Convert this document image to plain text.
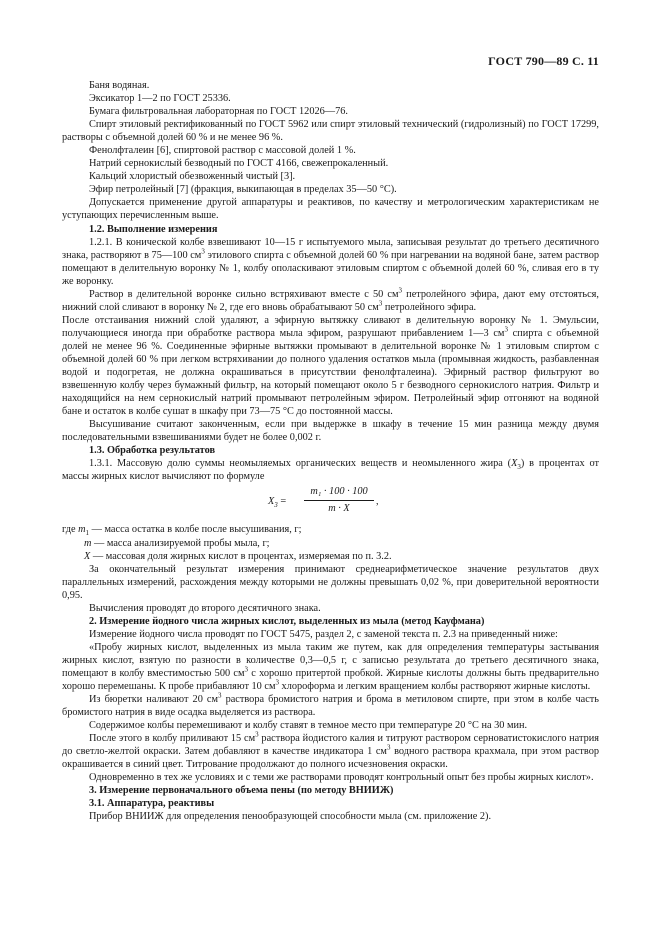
ГОСТ 790—89 С. 11

Баня водяная.

Эксикатор 1—2 по ГОСТ 25336.

Бумага фильтровальная лабораторная по ГОСТ 12026—76.

Спирт этиловый ректификованный по ГОСТ 5962 или спирт этиловый технический (гидролизный) по ГОСТ 17299, растворы с объемной долей 60 % и не менее 96 %.

Фенолфталеин [6], спиртовой раствор с массовой долей 1 %.

Натрий сернокислый безводный по ГОСТ 4166, свежепрокаленный.

Кальций хлористый обезвоженный чистый [3].

Эфир петролейный [7] (фракция, выкипающая в пределах 35—50 °С).

Допускается применение другой аппаратуры и реактивов, по качеству и метрологическим характеристикам не уступающих перечисленным выше.

1.2. Выполнение измерения

1.2.1. В конической колбе взвешивают 10—15 г испытуемого мыла, записывая результат до третьего десятичного знака, растворяют в 75—100 $см^3$ этилового спирта с объемной долей 60 % при нагревании на водяной бане, затем раствор помещают в делительную воронку № 1, колбу ополаскивают этиловым спиртом с объемной долей 60 %, сливая его в ту же воронку.

Раствор в делительной воронке сильно встряхивают вместе с 50 $см^3$ петролейного эфира, дают ему отстояться, нижний слой сливают в воронку № 2, где его вновь обрабатывают 50 $см^3$ петролейного эфира.

После отстаивания нижний слой удаляют, а эфирную вытяжку сливают в делительную воронку № 1. Эмульсии, получающиеся иногда при обработке раствора мыла эфиром, разрушают прибавлением 1—3 $см^3$ спирта с объемной долей не менее 96 %. Соединенные эфирные вытяжки промывают в делительной воронке № 1 этиловым спиртом с объемной долей 60 % при легком встряхивании до полного удаления остатков мыла (промывная жидкость, разбавленная водой и подогретая, не должна окрашиваться в присутствии фенолфталеина). Эфирный раствор фильтруют во взвешенную колбу через бумажный фильтр, на который помещают около 5 г безводного сернокислого натрия. Фильтр и находящийся на нем сернокислый натрий промывают петролейным эфиром. Петролейный эфир отгоняют на водяной бане и остаток в колбе сушат в шкафу при 73—75 °С до постоянной массы.

Высушивание считают законченным, если при выдержке в шкафу в течение 15 мин разница между двумя последовательными взвешиваниями будет не более 0,002 г.

1.3. Обработка результатов

1.3.1. Массовую долю суммы неомыляемых органических веществ и неомыленного жира $(X_3)$ в процентах от массы жирных кислот вычисляют по формуле

$X_3 = \frac{\text{m₁ · 100 · 100}}{m \cdot X}$ ,

где $m_1$ — масса остатка в колбе после высушивания, г;

m — масса анализируемой пробы мыла, г;

X — массовая доля жирных кислот в процентах, измеряемая по п. 3.2.

За окончательный результат измерения принимают среднеарифметическое значение результатов двух параллельных измерений, расхождения между которыми не должны превышать 0,02 %, при доверительной вероятности 0,95.

Вычисления проводят до второго десятичного знака.

2. Измерение йодного числа жирных кислот, выделенных из мыла (метод Кауфмана)

Измерение йодного числа проводят по ГОСТ 5475, раздел 2, с заменой текста п. 2.3 на приведенный ниже:

«Пробу жирных кислот, выделенных из мыла таким же путем, как для определения температуры застывания жирных кислот, взятую по разности в количестве 0,3—0,5 г, с записью результата до третьего десятичного знака, помещают в колбу вместимостью 500 $см^3$ с хорошо притертой пробкой. Жирные кислоты должны быть предварительно хорошо перемешаны. К пробе прибавляют 10 $см^3$ хлороформа и легким вращением колбы растворяют жирные кислоты.

Из бюретки наливают 20 $см^3$ раствора бромистого натрия и брома в метиловом спирте, при этом в колбе часть бромистого натрия в виде осадка выделяется из раствора.

Содержимое колбы перемешивают и колбу ставят в темное место при температуре 20 °С на 30 мин.

После этого в колбу приливают 15 $см^3$ раствора йодистого калия и титруют раствором серноватистокислого натрия до светло-желтой окраски. Затем добавляют в качестве индикатора 1 $см^3$ водного раствора крахмала, при этом раствор окрашивается в синий цвет. Титрование продолжают до полного исчезновения окраски.

Одновременно в тех же условиях и с теми же растворами проводят контрольный опыт без пробы жирных кислот».

3. Измерение первоначального объема пены (по методу ВНИИЖ)

3.1. Аппаратура, реактивы

Прибор ВНИИЖ для определения пенообразующей способности мыла (см. приложение 2).
